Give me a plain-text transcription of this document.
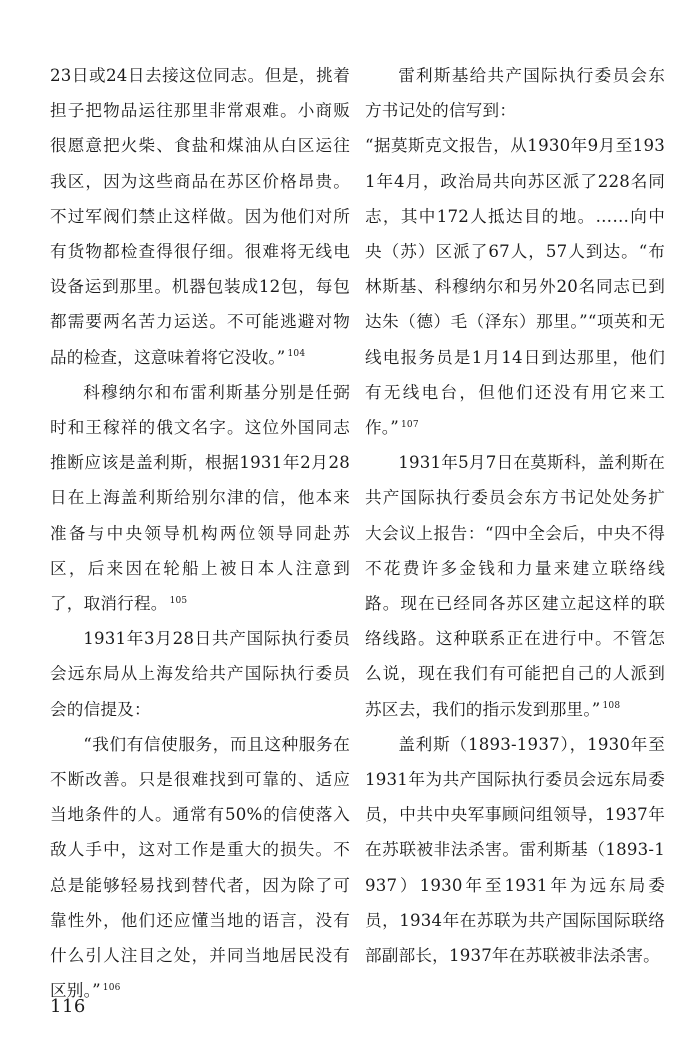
23日或24日去接这位同志。但是，挑着担子把物品运往那里非常艰难。小商贩很愿意把火柴、食盐和煤油从白区运往我区，因为这些商品在苏区价格昂贵。不过军阀们禁止这样做。因为他们对所有货物都检查得很仔细。很难将无线电设备运到那里。机器包装成12包，每包都需要两名苦力运送。不可能逃避对物品的检查，这意味着将它没收。” $^{104}$

科穆纳尔和布雷利斯基分别是任弼时和王稼祥的俄文名字。这位外国同志推断应该是盖利斯，根据1931年2月28日在上海盖利斯给别尔津的信，他本来准备与中央领导机构两位领导同赴苏区，后来因在轮船上被日本人注意到了，取消行程。 $^{105}$

1931年3月28日共产国际执行委员会远东局从上海发给共产国际执行委员会的信提及：

“我们有信使服务，而且这种服务在不断改善。只是很难找到可靠的、适应当地条件的人。通常有50%的信使落入敌人手中，这对工作是重大的损失。不总是能够轻易找到替代者，因为除了可靠性外，他们还应懂当地的语言，没有什么引人注目之处，并同当地居民没有区别。” $^{106}$

雷利斯基给共产国际执行委员会东方书记处的信写到：

“据莫斯克文报告，从1930年9月至1931年4月，政治局共向苏区派了228名同志，其中172人抵达目的地。……向中央（苏）区派了67人，57人到达。“布林斯基、科穆纳尔和另外20名同志已到达朱（德）毛（泽东）那里。”“项英和无线电报务员是1月14日到达那里，他们有无线电台，但他们还没有用它来工作。” $^{107}$

1931年5月7日在莫斯科，盖利斯在共产国际执行委员会东方书记处处务扩大会议上报告：“四中全会后，中央不得不花费许多金钱和力量来建立联络线路。现在已经同各苏区建立起这样的联络线路。这种联系正在进行中。不管怎么说，现在我们有可能把自己的人派到苏区去，我们的指示发到那里。” $^{108}$

盖利斯（1893-1937），1930年至1931年为共产国际执行委员会远东局委员，中共中央军事顾问组领导，1937年在苏联被非法杀害。雷利斯基（1893-1937）1930年至1931年为远东局委员，1934年在苏联为共产国际国际联络部副部长，1937年在苏联被非法杀害。

116
